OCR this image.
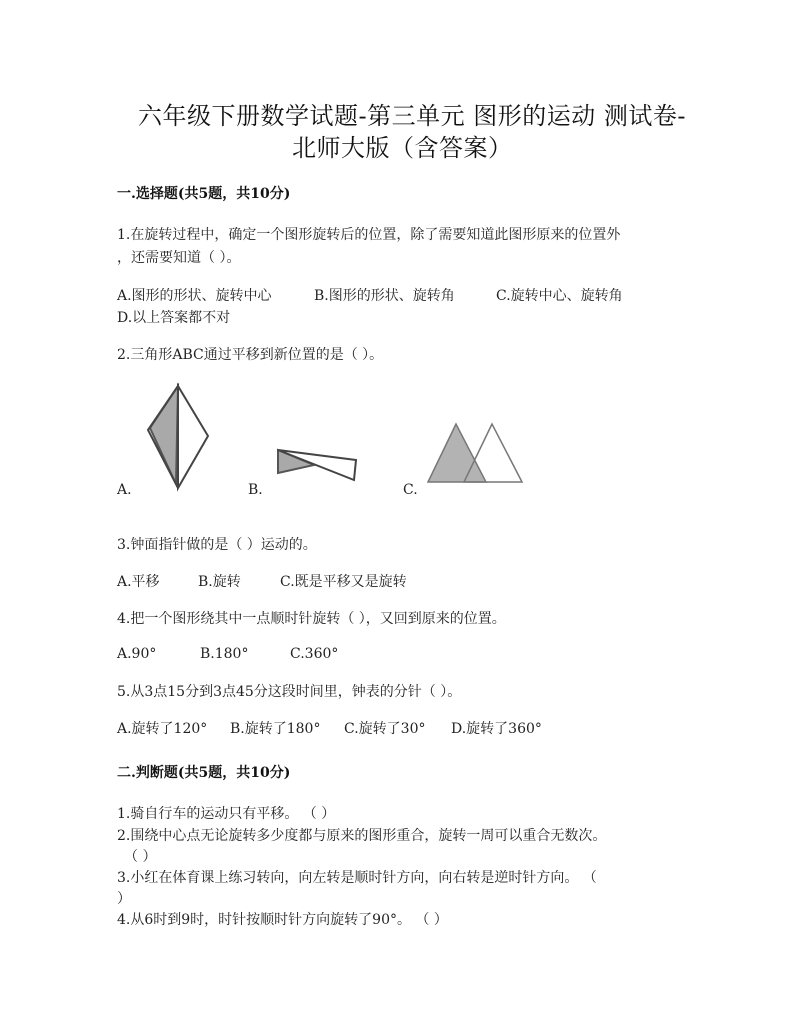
六年级下册数学试题-第三单元 图形的运动 测试卷-
北师大版（含答案）
一.选择题(共5题，共10分)
1.在旋转过程中，确定一个图形旋转后的位置，除了需要知道此图形原来的位置外
，还需要知道（ ）。
A.图形的形状、旋转中心	B.图形的形状、旋转角	C.旋转中心、旋转角
D.以上答案都不对
2.三角形ABC通过平移到新位置的是（ ）。
A.	B.	C.
3.钟面指针做的是（ ）运动的。
A.平移	B.旋转	C.既是平移又是旋转
4.把一个图形绕其中一点顺时针旋转（ ），又回到原来的位置。
A.90°	B.180°	C.360°
5.从3点15分到3点45分这段时间里，钟表的分针（ ）。
A.旋转了120° B.旋转了180° C.旋转了30° D.旋转了360°
二.判断题(共5题，共10分)
1.骑自行车的运动只有平移。 （ ）
2.围绕中心点无论旋转多少度都与原来的图形重合，旋转一周可以重合无数次。
（ ）
3.小红在体育课上练习转向，向左转是顺时针方向，向右转是逆时针方向。 （
）
4.从6时到9时，时针按顺时针方向旋转了90°。 （ ）
